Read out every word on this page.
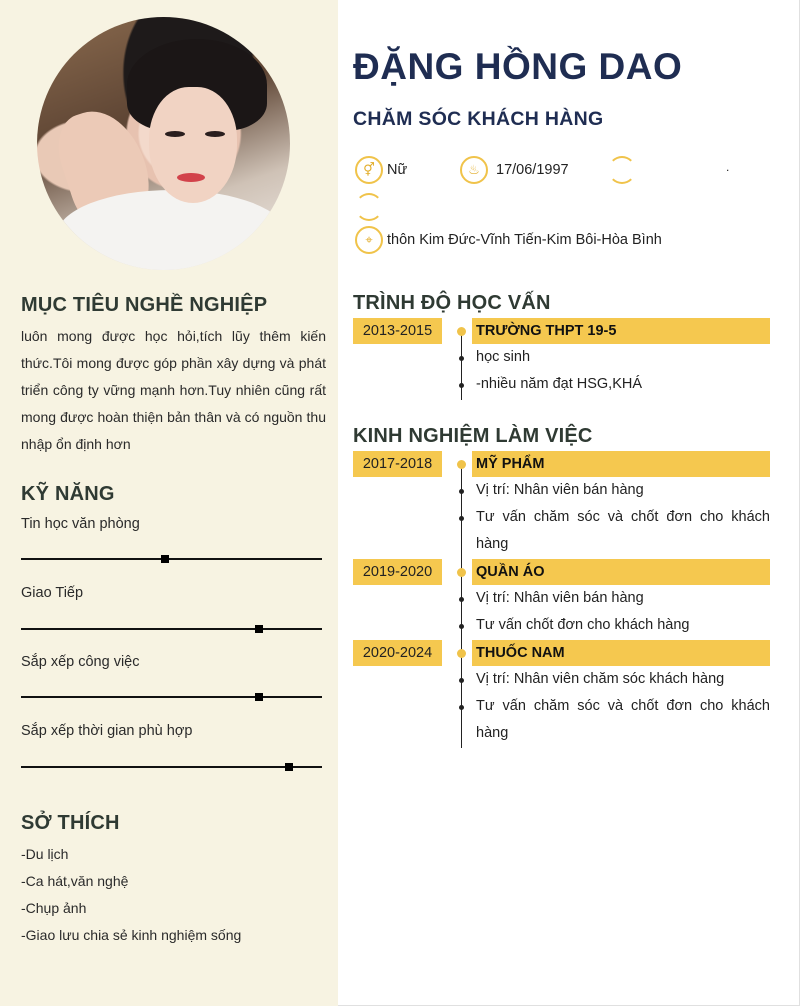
MỤC TIÊU NGHỀ NGHIỆP
luôn mong được học hỏi,tích lũy thêm kiến thức.Tôi mong được góp phần xây dựng và phát triển công ty vững mạnh hơn.Tuy nhiên cũng rất mong được hoàn thiện bản thân và có nguồn thu nhập ổn định hơn
KỸ NĂNG
Tin học văn phòng
Giao Tiếp
Sắp xếp công việc
Sắp xếp thời gian phù hợp
SỞ THÍCH
-Du lịch
-Ca hát,văn nghệ
-Chụp ảnh
-Giao lưu chia sẻ kinh nghiệm sống
ĐẶNG HỒNG DAO
CHĂM SÓC KHÁCH HÀNG
⚥ Nữ	♨	17/06/1997	.
⌖ thôn Kim Đức-Vĩnh Tiến-Kim Bôi-Hòa Bình
TRÌNH ĐỘ HỌC VẤN
2013-2015	TRƯỜNG THPT 19-5
học sinh
-nhiều năm đạt HSG,KHÁ
KINH NGHIỆM LÀM VIỆC
2017-2018	MỸ PHẨM
Vị trí: Nhân viên bán hàng
Tư vấn chăm sóc và chốt đơn cho khách hàng
2019-2020	QUẦN ÁO
Vị trí: Nhân viên bán hàng
Tư vấn chốt đơn cho khách hàng
2020-2024	THUỐC NAM
Vị trí: Nhân viên chăm sóc khách hàng
Tư vấn chăm sóc và chốt đơn cho khách hàng
